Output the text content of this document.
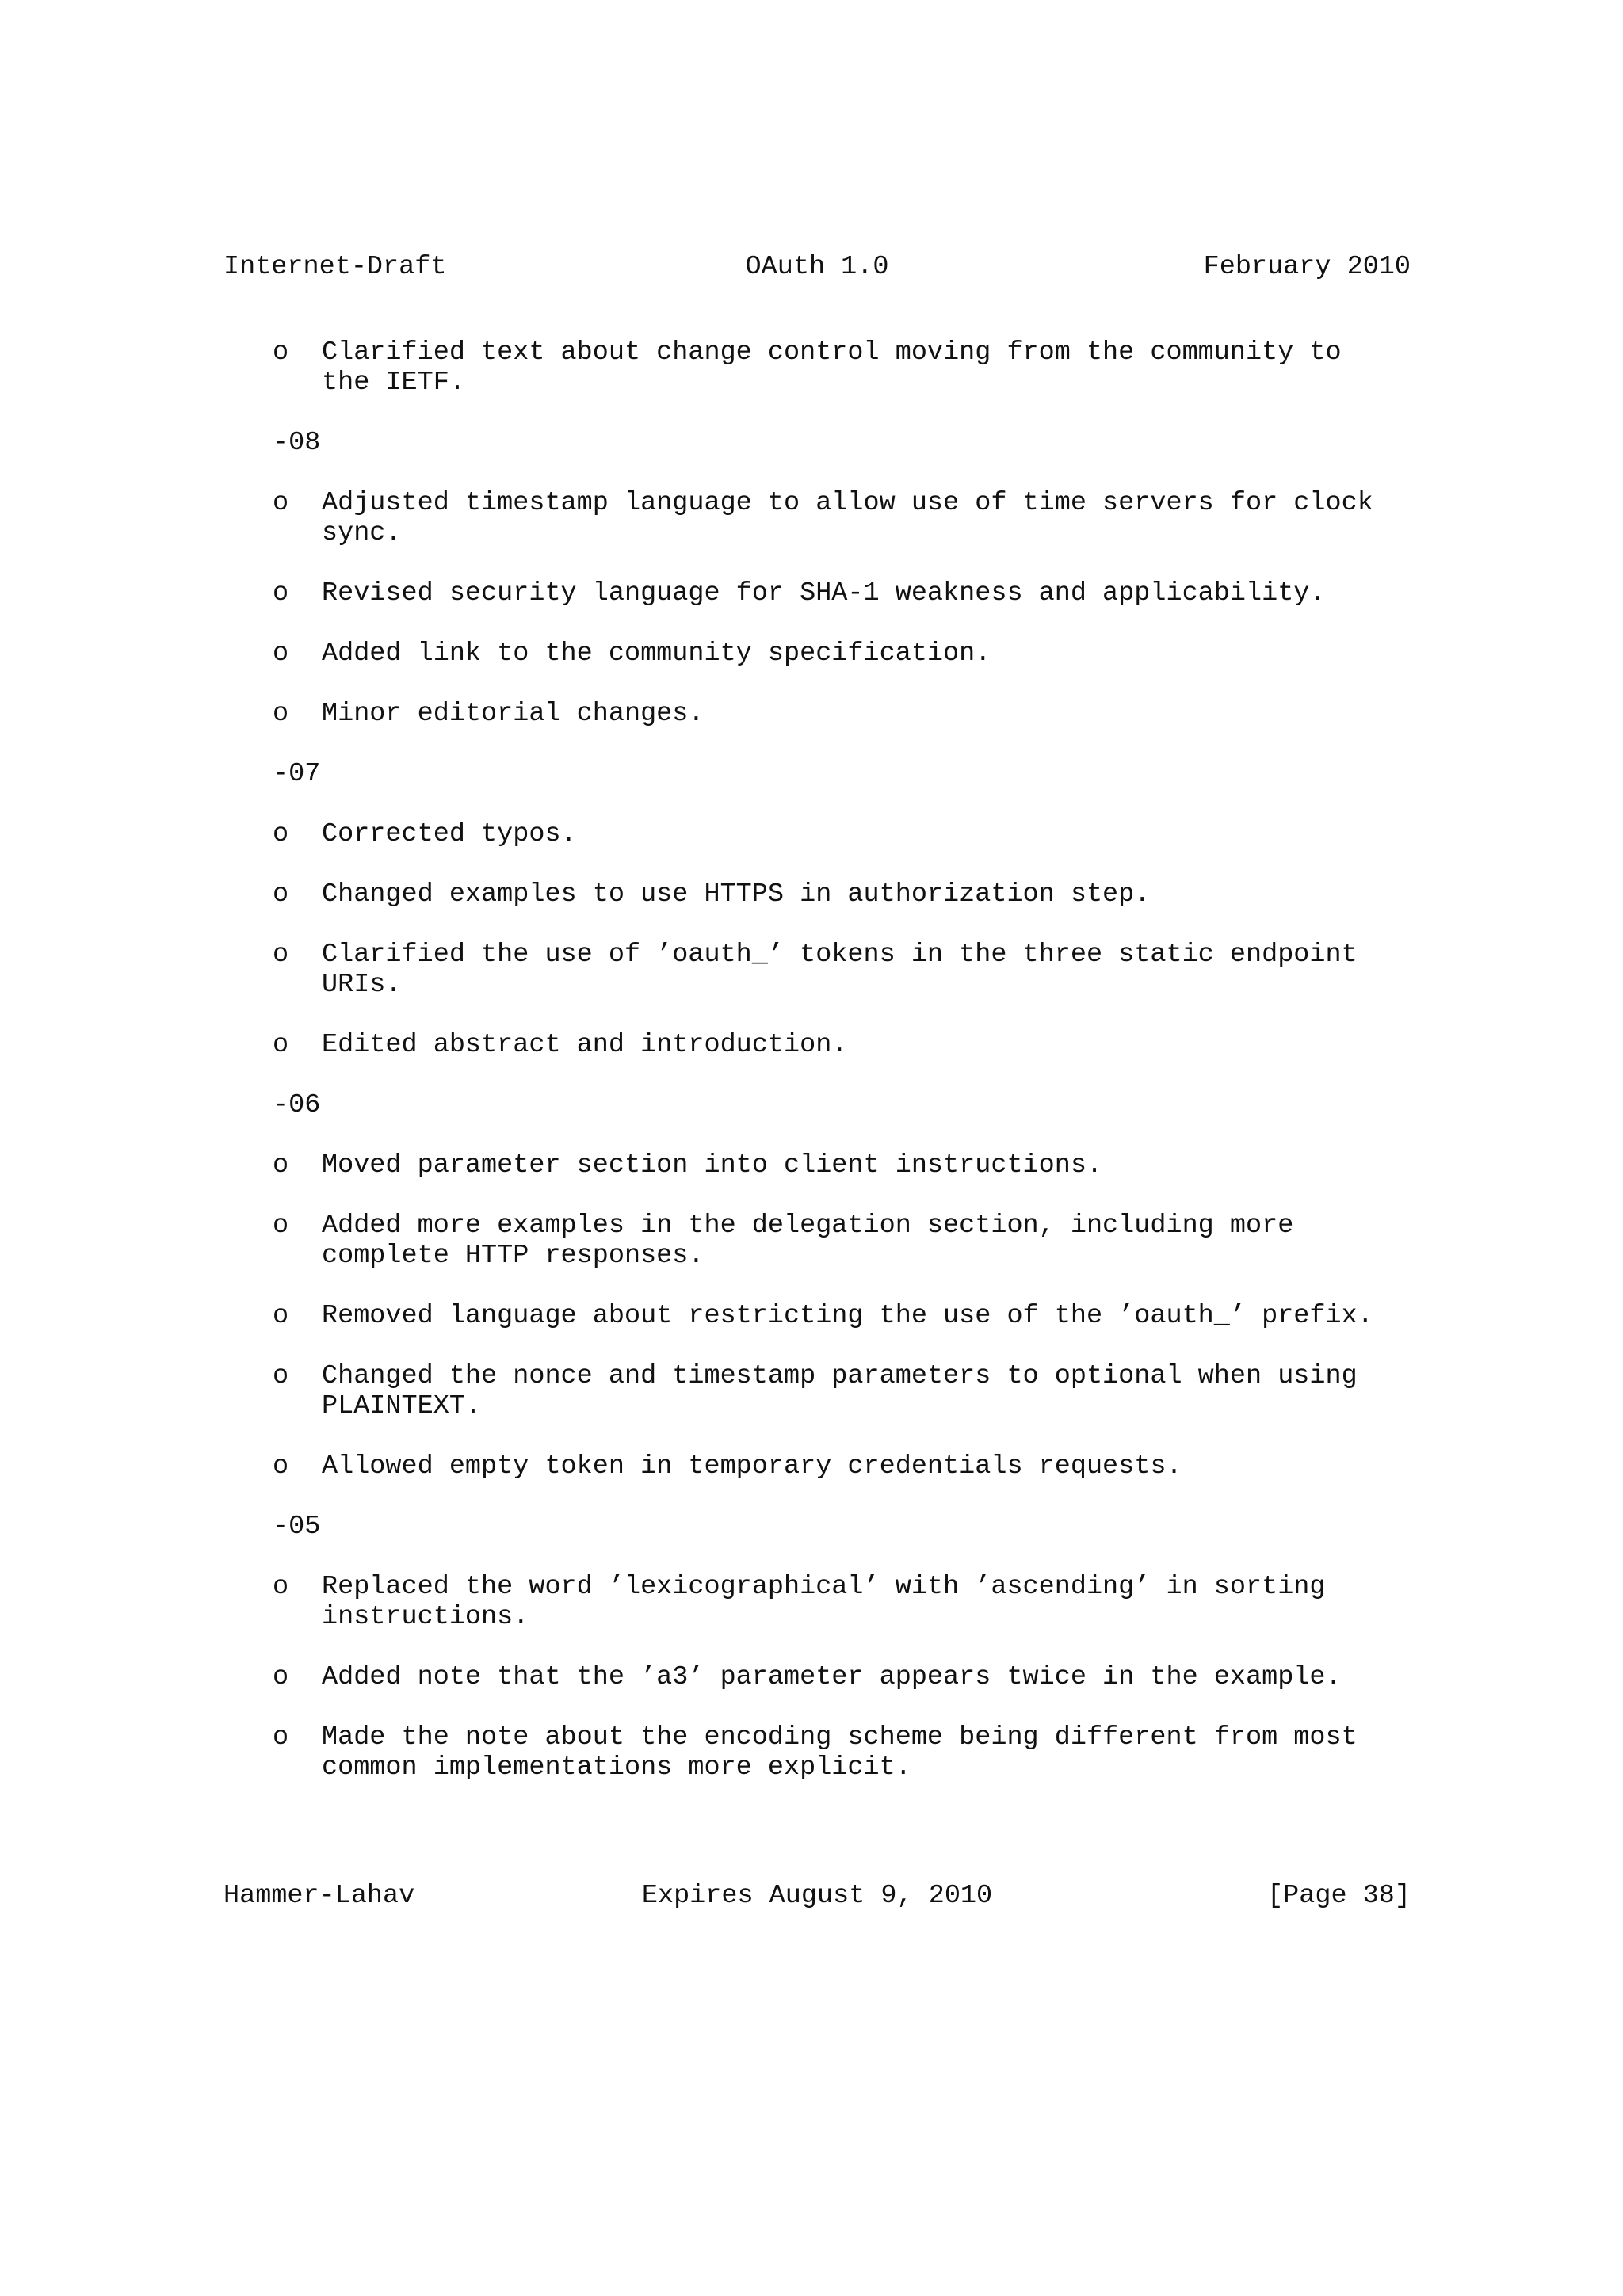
Internet-Draft

	OAuth 1.0

	February 2010

o Clarified text about change control moving from the community to
the IETF.
-08
o Adjusted timestamp language to allow use of time servers for clock
sync.
o Revised security language for SHA-1 weakness and applicability.
o Added link to the community specification.
o Minor editorial changes.
-07
o Corrected typos.
o Changed examples to use HTTPS in authorization step.
o Clarified the use of ’oauth_’ tokens in the three static endpoint
URIs.
o Edited abstract and introduction.
-06
o Moved parameter section into client instructions.
o Added more examples in the delegation section, including more
complete HTTP responses.
o Removed language about restricting the use of the ’oauth_’ prefix.
o Changed the nonce and timestamp parameters to optional when using
PLAINTEXT.
o Allowed empty token in temporary credentials requests.
-05
o Replaced the word ’lexicographical’ with ’ascending’ in sorting
instructions.
o Added note that the ’a3’ parameter appears twice in the example.
o Made the note about the encoding scheme being different from most
common implementations more explicit.

Hammer-Lahav

	Expires August 9, 2010

	[Page 38]
